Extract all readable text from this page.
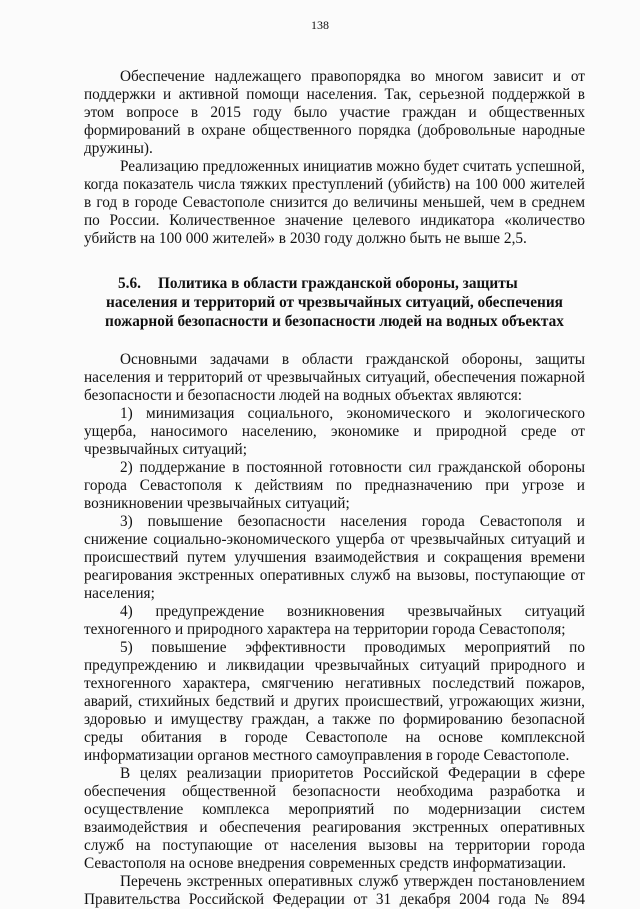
138

Обеспечение надлежащего правопорядка во многом зависит и от поддержки и активной помощи населения. Так, серьезной поддержкой в этом вопросе в 2015 году было участие граждан и общественных формирований в охране общественного порядка (добровольные народные дружины).

Реализацию предложенных инициатив можно будет считать успешной, когда показатель числа тяжких преступлений (убийств) на 100 000 жителей в год в городе Севастополе снизится до величины меньшей, чем в среднем по России. Количественное значение целевого индикатора «количество убийств на 100 000 жителей» в 2030 году должно быть не выше 2,5.

5.6.	Политика в области гражданской обороны, защиты
населения и территорий от чрезвычайных ситуаций, обеспечения
пожарной безопасности и безопасности людей на водных объектах

Основными задачами в области гражданской обороны, защиты населения и территорий от чрезвычайных ситуаций, обеспечения пожарной безопасности и безопасности людей на водных объектах являются:

1) минимизация социального, экономического и экологического ущерба, наносимого населению, экономике и природной среде от чрезвычайных ситуаций;

2) поддержание в постоянной готовности сил гражданской обороны города Севастополя к действиям по предназначению при угрозе и возникновении чрезвычайных ситуаций;

3) повышение безопасности населения города Севастополя и снижение социально-экономического ущерба от чрезвычайных ситуаций и происшествий путем улучшения взаимодействия и сокращения времени реагирования экстренных оперативных служб на вызовы, поступающие от населения;

4) предупреждение возникновения чрезвычайных ситуаций техногенного и природного характера на территории города Севастополя;

5) повышение эффективности проводимых мероприятий по предупреждению и ликвидации чрезвычайных ситуаций природного и техногенного характера, смягчению негативных последствий пожаров, аварий, стихийных бедствий и других происшествий, угрожающих жизни, здоровью и имуществу граждан, а также по формированию безопасной среды обитания в городе Севастополе на основе комплексной информатизации органов местного самоуправления в городе Севастополе.

В целях реализации приоритетов Российской Федерации в сфере обеспечения общественной безопасности необходима разработка и осуществление комплекса мероприятий по модернизации систем взаимодействия и обеспечения реагирования экстренных оперативных служб на поступающие от населения вызовы на территории города Севастополя на основе внедрения современных средств информатизации.

Перечень экстренных оперативных служб утвержден постановлением Правительства Российской Федерации от 31 декабря 2004 года № 894
